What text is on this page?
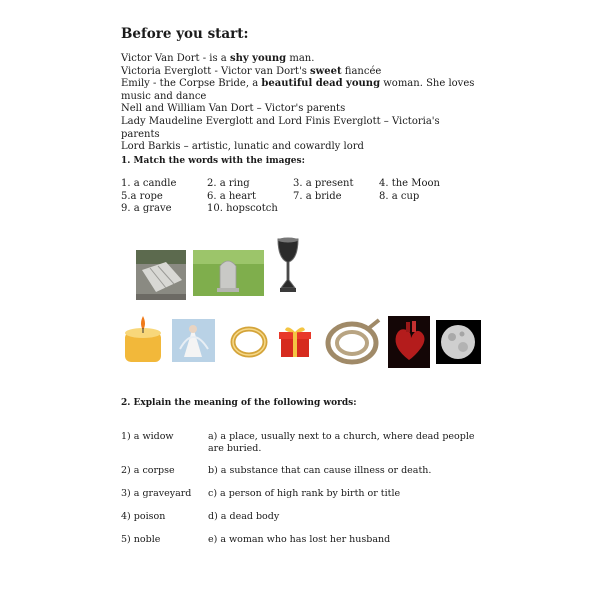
Before you start:

Victor Van Dort - is a shy young man.

Victoria Everglott - Victor van Dort's sweet fiancée

Emily - the Corpse Bride, a beautiful dead young woman. She loves music and dance

Nell and William Van Dort – Victor's parents

Lady Maudeline Everglott and Lord Finis Everglott – Victoria's parents

Lord Barkis – artistic, lunatic and cowardly lord

1. Match the words with the images:

1. a candle	2. a ring	3. a present	4. the Moon
5.a rope	6. a heart	7. a bride	8. a cup
9. a grave	10. hopscotch

2. Explain the meaning of the following words:

1) a widow	a) a place, usually next to a church, where dead people are buried.
2) a corpse	b) a substance that can cause illness or death.
3) a graveyard	c) a person of high rank by birth or title
4) poison	d) a dead body
5) noble	e) a woman who has lost her husband
